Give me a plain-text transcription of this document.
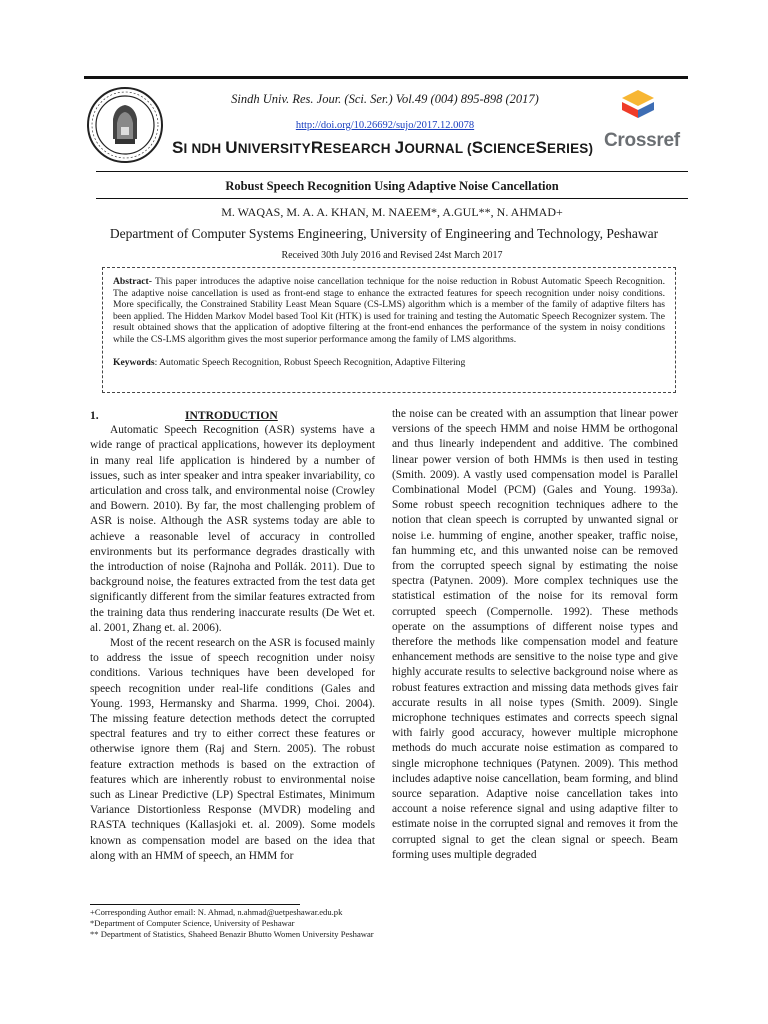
Sindh Univ. Res. Jour. (Sci. Ser.) Vol.49 (004) 895-898 (2017)
http://doi.org/10.26692/sujo/2017.12.0078
SI NDH UNIVERSITYRESEARCH JOURNAL (SCIENCESERIES) Crossref
Robust Speech Recognition Using Adaptive Noise Cancellation
M. WAQAS, M. A. A. KHAN, M. NAEEM*, A.GUL**, N. AHMAD+
Department of Computer Systems Engineering, University of Engineering and Technology, Peshawar
Received 30th July 2016 and Revised 24st March 2017
Abstract- This paper introduces the adaptive noise cancellation technique for the noise reduction in Robust Automatic Speech Recognition. The adaptive noise cancellation is used as front-end stage to enhance the extracted features for speech recognition under noisy conditions. More specifically, the Constrained Stability Least Mean Square (CS-LMS) algorithm which is a member of the family of adaptive filters has been applied. The Hidden Markov Model based Tool Kit (HTK) is used for training and testing the Automatic Speech Recognizer system. The result obtained shows that the application of adoptive filtering at the front-end enhances the performance of the system in noisy conditions while the CS-LMS algorithm gives the most superior performance among the family of LMS algorithms.
Keywords: Automatic Speech Recognition, Robust Speech Recognition, Adaptive Filtering
1.	INTRODUCTION

Automatic Speech Recognition (ASR) systems have a wide range of practical applications, however its deployment in many real life application is hindered by a number of issues, such as inter speaker and intra speaker invariability, co articulation and cross talk, and environmental noise (Crowley and Bowern. 2010). By far, the most challenging problem of ASR is noise. Although the ASR systems today are able to achieve a reasonable level of accuracy in controlled environments but its performance degrades drastically with the introduction of noise (Rajnoha and Pollák. 2011). Due to background noise, the features extracted from the test data get significantly different from the similar features extracted from the training data thus rendering inaccurate results (De Wet et. al. 2001, Zhang et. al. 2006).

Most of the recent research on the ASR is focused mainly to address the issue of speech recognition under noisy conditions. Various techniques have been developed for speech recognition under real-life conditions (Gales and Young. 1993, Hermansky and Sharma. 1999, Choi. 2004). The missing feature detection methods detect the corrupted spectral features and try to either correct these features or otherwise ignore them (Raj and Stern. 2005). The robust feature extraction methods is based on the extraction of features which are inherently robust to environmental noise such as Linear Predictive (LP) Spectral Estimates, Minimum Variance Distortionless Response (MVDR) modeling and RASTA techniques (Kallasjoki et. al. 2009). Some models known as compensation model are based on the idea that along with an HMM of speech, an HMM for

the noise can be created with an assumption that linear power versions of the speech HMM and noise HMM be orthogonal and thus linearly independent and additive. The combined linear power version of both HMMs is then used in testing (Smith. 2009). A vastly used compensation model is Parallel Combinational Model (PCM) (Gales and Young. 1993a). Some robust speech recognition techniques adhere to the notion that clean speech is corrupted by unwanted signal or noise i.e. humming of engine, another speaker, traffic noise, fan humming etc, and this unwanted noise can be removed from the corrupted speech signal by estimating the noise spectra (Patynen. 2009). More complex techniques use the statistical estimation of the noise for its removal form corrupted speech (Compernolle. 1992). These methods operate on the assumptions of different noise types and therefore the methods like compensation model and feature enhancement methods are sensitive to the noise type and give highly accurate results to selective background noise where as robust features extraction and missing data methods gives fair accurate results in all noise types (Smith. 2009). Single microphone techniques estimates and corrects speech signal with fairly good accuracy, however multiple microphone methods do much accurate noise estimation as compared to single microphone techniques (Patynen. 2009). This method includes adaptive noise cancellation, beam forming, and blind source separation. Adaptive noise cancellation takes into account a noise reference signal and using adaptive filter to estimate noise in the corrupted signal and removes it from the corrupted signal to get the clean signal or speech. Beam forming uses multiple degraded

+Corresponding Author email: N. Ahmad, n.ahmad@uetpeshawar.edu.pk
*Department of Computer Science, University of Peshawar
** Department of Statistics, Shaheed Benazir Bhutto Women University Peshawar
